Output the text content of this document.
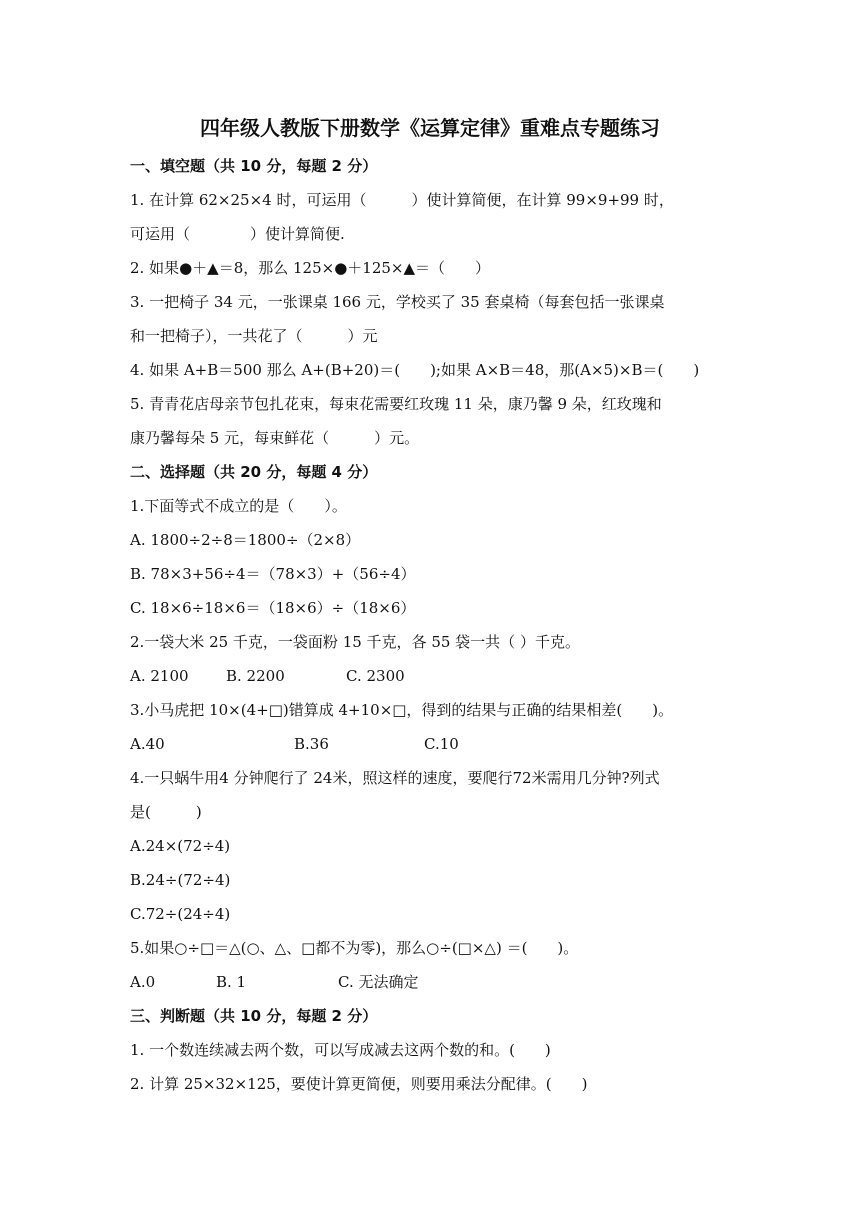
四年级人教版下册数学《运算定律》重难点专题练习
一、填空题（共 10 分，每题 2 分）
1. 在计算 62×25×4 时，可运用（　　　）使计算简便，在计算 99×9+99 时，
可运用（　　　　）使计算简便.
2. 如果●＋▲＝8，那么 125×●＋125×▲＝（　　）
3. 一把椅子 34 元，一张课桌 166 元，学校买了 35 套桌椅（每套包括一张课桌
和一把椅子），一共花了（　　　）元
4. 如果 A+B＝500 那么 A+(B+20)＝(　　);如果 A×B＝48，那(A×5)×B＝(　　)
5. 青青花店母亲节包扎花束，每束花需要红玫瑰 11 朵，康乃馨 9 朵，红玫瑰和
康乃馨每朵 5 元，每束鲜花（　　　）元。
二、选择题（共 20 分，每题 4 分）
1.下面等式不成立的是（　　）。
A. 1800÷2÷8＝1800÷（2×8）
B. 78×3+56÷4＝（78×3）+（56÷4）
C. 18×6÷18×6＝（18×6）÷（18×6）
2.一袋大米 25 千克，一袋面粉 15 千克，各 55 袋一共（ ）千克。
A. 2100 B. 2200	C. 2300
3.小马虎把 10×(4+□)错算成 4+10×□，得到的结果与正确的结果相差(　　)。
A.40	B.36	C.10
4.一只蜗牛用4 分钟爬行了 24米，照这样的速度，要爬行72米需用几分钟?列式
是(　　　)
A.24×(72÷4)
B.24÷(72÷4)
C.72÷(24÷4)
5.如果○÷□＝△(○、△、□都不为零)，那么○÷(□×△) ＝(　　)。
A.0	B. 1	C. 无法确定
三、判断题（共 10 分，每题 2 分）
1. 一个数连续减去两个数，可以写成减去这两个数的和。(　　)
2. 计算 25×32×125，要使计算更简便，则要用乘法分配律。(　　)
